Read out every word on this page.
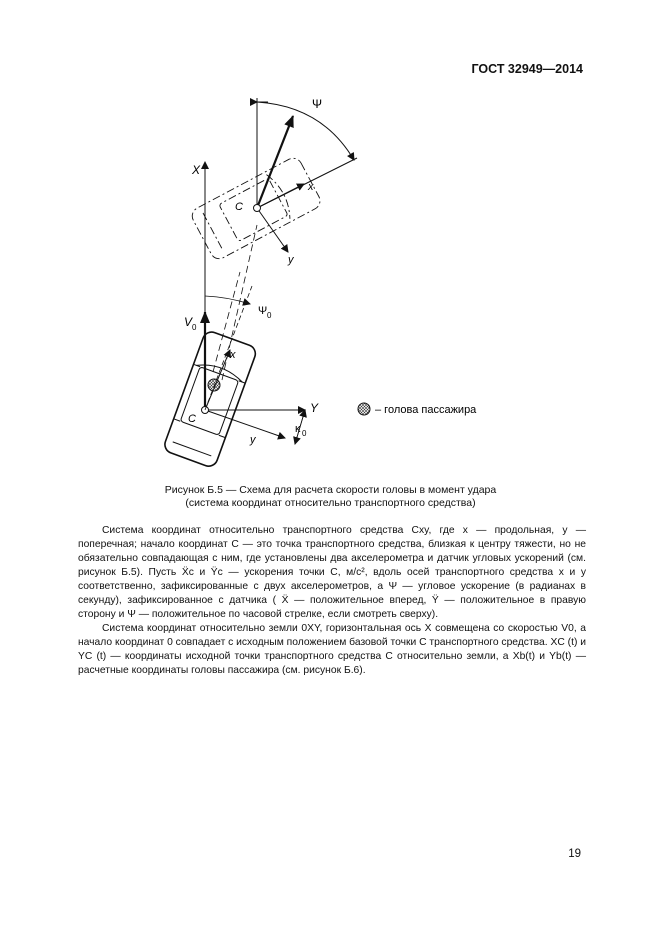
ГОСТ 32949—2014
Ψ
X
x
C
y
Ψ 0
V 0
x
Y
C
y
κ 0
– голова пассажира
Рисунок Б.5 — Схема для расчета скорости головы в момент удара
(система координат относительно транспортного средства)

Система координат относительно транспортного средства Cxy, где x — продольная, y — поперечная; начало координат C — это точка транспортного средства, близкая к центру тяжести, но не обязательно совпадающая с ним, где установлены два акселерометра и датчик угловых ускорений (см. рисунок Б.5). Пусть Ẍc и Ÿc — ускорения точки C, м/с², вдоль осей транспортного средства x и y соответственно, зафиксированные с двух акселерометров, а Ψ — угловое ускорение (в радианах в секунду), зафиксированное с датчика ( Ẍ — положительное вперед, Ÿ — положительное в правую сторону и Ψ — положительное по часовой стрелке, если смотреть сверху).

Система координат относительно земли 0XY, горизонтальная ось X совмещена со скоростью V0, а начало координат 0 совпадает с исходным положением базовой точки C транспортного средства. XC (t) и YC (t) — координаты исходной точки транспортного средства C относительно земли, а Xb(t) и Yb(t) — расчетные координаты головы пассажира (см. рисунок Б.6).

19
